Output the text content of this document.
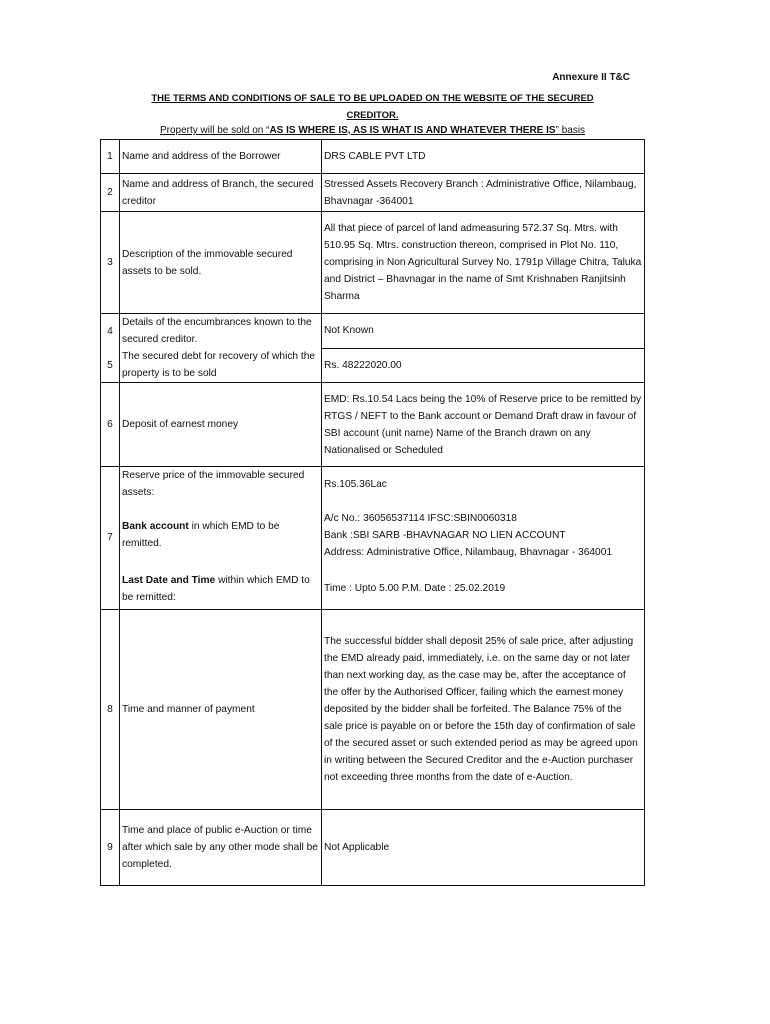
Annexure II T&C
THE TERMS AND CONDITIONS OF SALE TO BE UPLOADED ON THE WEBSITE OF THE SECURED
CREDITOR.
Property will be sold on “AS IS WHERE IS, AS IS WHAT IS AND WHATEVER THERE IS” basis
1	Name and address of the Borrower	DRS CABLE PVT LTD
2	Name and address of Branch, the secured creditor	Stressed Assets Recovery Branch : Administrative Office, Nilambaug, Bhavnagar -364001
3	Description of the immovable secured assets to be sold.	All that piece of parcel of land admeasuring 572.37 Sq. Mtrs. with 510.95 Sq. Mtrs. construction thereon, comprised in Plot No. 110, comprising in Non Agricultural Survey No. 1791p Village Chitra, Taluka and District – Bhavnagar in the name of Smt Krishnaben Ranjitsinh Sharma
4	Details of the encumbrances known to the secured creditor.	Not Known
5	The secured debt for recovery of which the property is to be sold	Rs. 48222020.00
6	Deposit of earnest money	EMD: Rs.10.54 Lacs being the 10% of Reserve price to be remitted by RTGS / NEFT to the Bank account or Demand Draft draw in favour of SBI account (unit name) Name of the Branch drawn on any Nationalised or Scheduled
7	Reserve price of the immovable secured assets:	Rs.105.36Lac
	Bank account in which EMD to be remitted.	A/c No.: 36056537114 IFSC:SBIN0060318
Bank :SBI SARB -BHAVNAGAR NO LIEN ACCOUNT
Address: Administrative Office, Nilambaug, Bhavnagar - 364001

	Last Date and Time within which EMD to be remitted:	Time : Upto 5.00 P.M. Date : 25.02.2019
8	Time and manner of payment	The successful bidder shall deposit 25% of sale price, after adjusting the EMD already paid, immediately, i.e. on the same day or not later than next working day, as the case may be, after the acceptance of the offer by the Authorised Officer, failing which the earnest money deposited by the bidder shall be forfeited. The Balance 75% of the sale price is payable on or before the 15th day of confirmation of sale of the secured asset or such extended period as may be agreed upon in writing between the Secured Creditor and the e-Auction purchaser not exceeding three months from the date of e-Auction.
9	Time and place of public e-Auction or time after which sale by any other mode shall be completed.	Not Applicable
